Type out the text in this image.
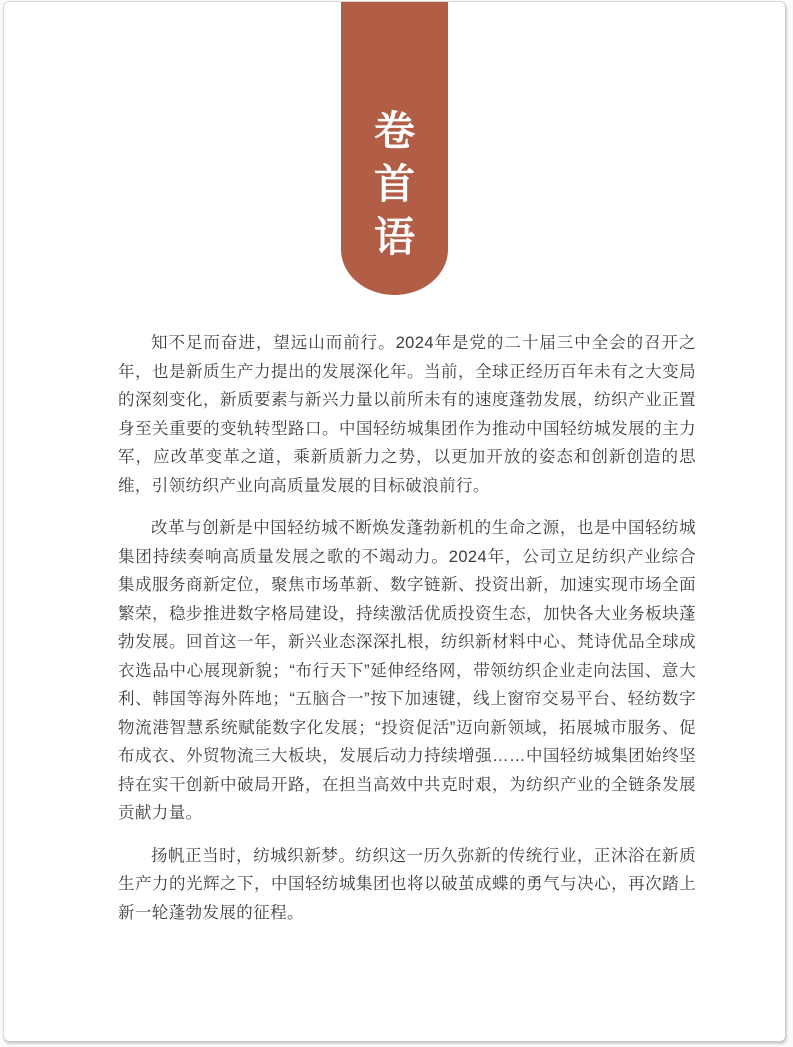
卷
首
语

知不足而奋进，望远山而前行。2024年是党的二十届三中全会的召开之年，也是新质生产力提出的发展深化年。当前，全球正经历百年未有之大变局的深刻变化，新质要素与新兴力量以前所未有的速度蓬勃发展，纺织产业正置身至关重要的变轨转型路口。中国轻纺城集团作为推动中国轻纺城发展的主力军，应改革变革之道，乘新质新力之势，以更加开放的姿态和创新创造的思维，引领纺织产业向高质量发展的目标破浪前行。

改革与创新是中国轻纺城不断焕发蓬勃新机的生命之源，也是中国轻纺城集团持续奏响高质量发展之歌的不竭动力。2024年，公司立足纺织产业综合集成服务商新定位，聚焦市场革新、数字链新、投资出新，加速实现市场全面繁荣，稳步推进数字格局建设，持续激活优质投资生态，加快各大业务板块蓬勃发展。回首这一年，新兴业态深深扎根，纺织新材料中心、梵诗优品全球成衣选品中心展现新貌；“布行天下”延伸经络网，带领纺织企业走向法国、意大利、韩国等海外阵地；“五脑合一”按下加速键，线上窗帘交易平台、轻纺数字物流港智慧系统赋能数字化发展；“投资促活”迈向新领域，拓展城市服务、促布成衣、外贸物流三大板块，发展后动力持续增强……中国轻纺城集团始终坚持在实干创新中破局开路，在担当高效中共克时艰，为纺织产业的全链条发展贡献力量。

扬帆正当时，纺城织新梦。纺织这一历久弥新的传统行业，正沐浴在新质生产力的光辉之下，中国轻纺城集团也将以破茧成蝶的勇气与决心，再次踏上新一轮蓬勃发展的征程。
